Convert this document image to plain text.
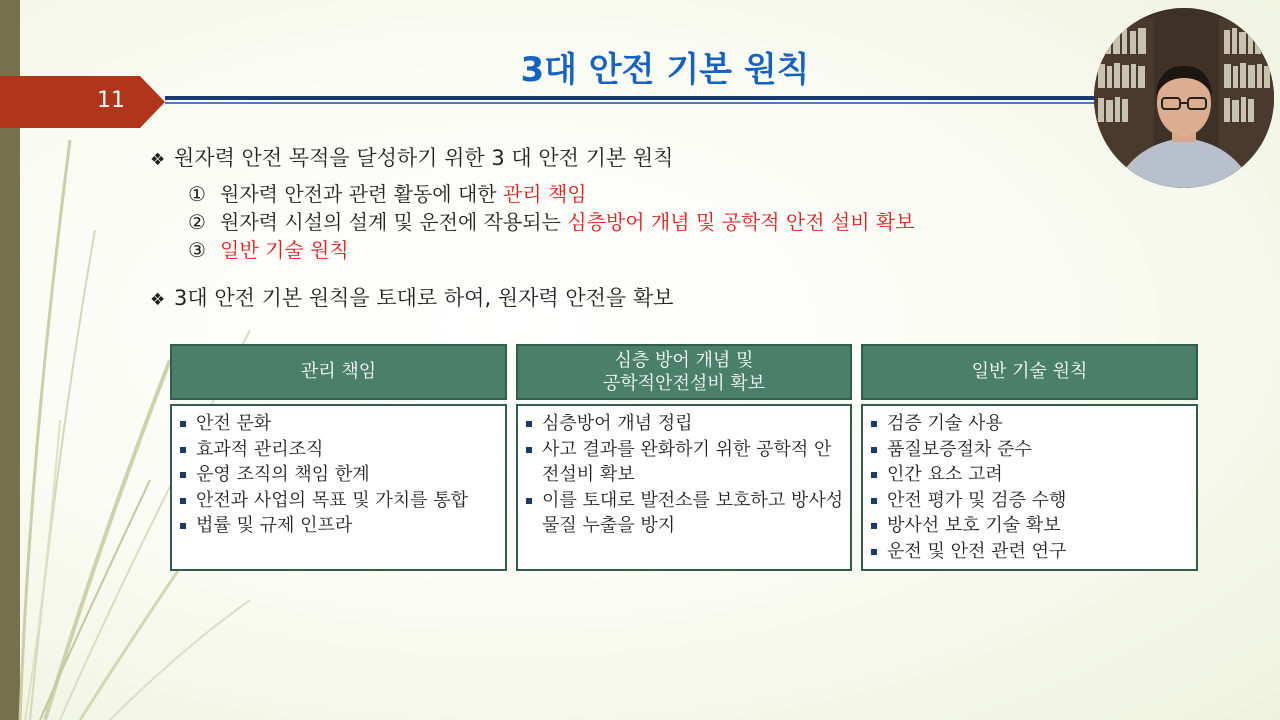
11
3대 안전 기본 원칙
❖ 원자력 안전 목적을 달성하기 위한 3 대 안전 기본 원칙
① 원자력 안전과 관련 활동에 대한 관리 책임
② 원자력 시설의 설계 및 운전에 작용되는 심층방어 개념 및 공학적 안전 설비 확보
③ 일반 기술 원칙
❖ 3대 안전 기본 원칙을 토대로 하여, 원자력 안전을 확보
관리 책임
안전 문화
효과적 관리조직
운영 조직의 책임 한계
안전과 사업의 목표 및 가치를 통합
법률 및 규제 인프라
심층 방어 개념 및
공학적안전설비 확보
심층방어 개념 정립
사고 결과를 완화하기 위한 공학적 안전설비 확보
이를 토대로 발전소를 보호하고 방사성 물질 누출을 방지
일반 기술 원칙
검증 기술 사용
품질보증절차 준수
인간 요소 고려
안전 평가 및 검증 수행
방사선 보호 기술 확보
운전 및 안전 관련 연구
